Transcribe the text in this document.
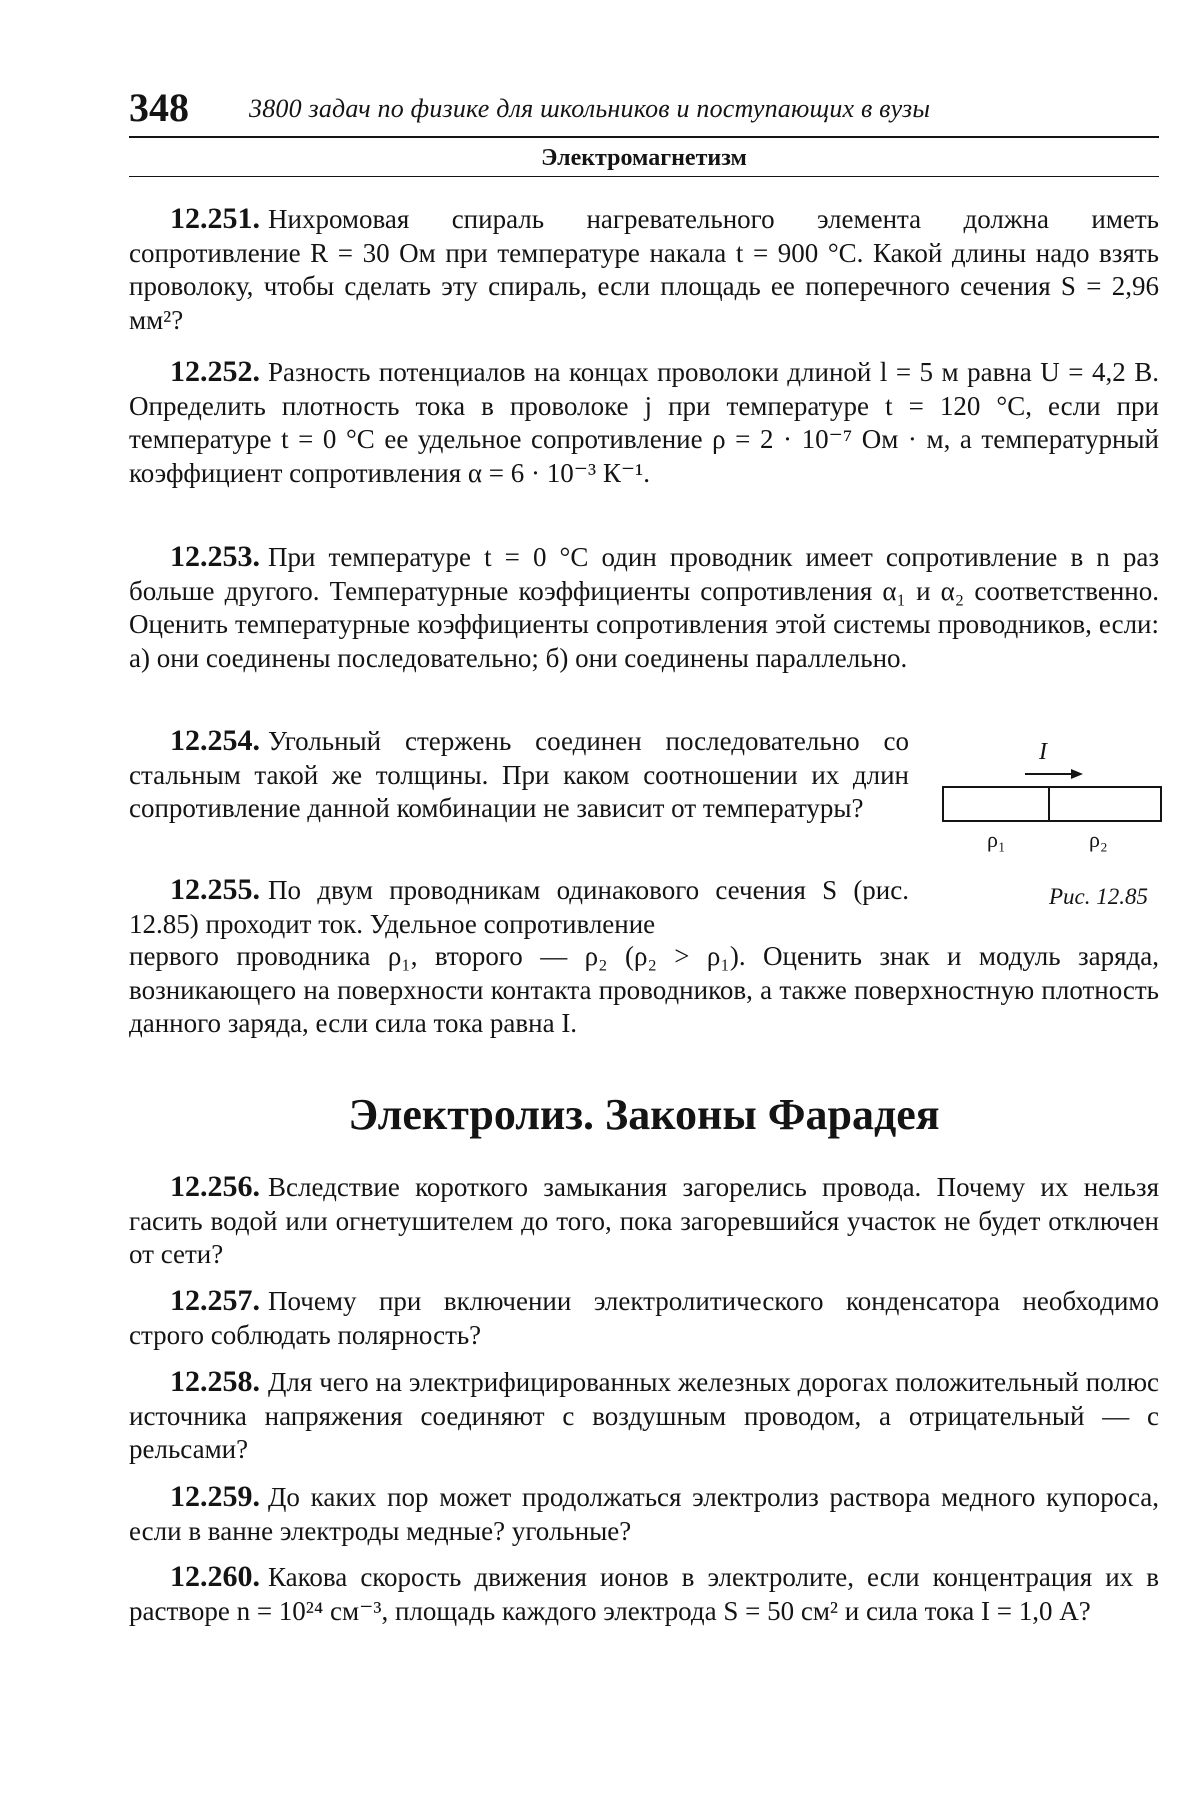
348 3800 задач по физике для школьников и поступающих в вузы
Электромагнетизм
12.251. Нихромовая спираль нагревательного элемента должна иметь сопротивление R = 30 Ом при температуре накала t = 900 °С. Какой длины надо взять проволоку, чтобы сделать эту спираль, если площадь ее поперечного сечения S = 2,96 мм²?
12.252. Разность потенциалов на концах проволоки длиной l = 5 м равна U = 4,2 В. Определить плотность тока в проволоке j при температуре t = 120 °С, если при температуре t = 0 °С ее удельное сопротивление ρ = 2 · 10⁻⁷ Ом · м, а температурный коэффициент сопротивления α = 6 · 10⁻³ К⁻¹.
12.253. При температуре t = 0 °С один проводник имеет сопротивление в n раз больше другого. Температурные коэффициенты сопротивления α₁ и α₂ соответственно. Оценить температурные коэффициенты сопротивления этой системы проводников, если: а) они соединены последовательно; б) они соединены параллельно.
12.254. Угольный стержень соединен последовательно со стальным такой же толщины. При каком соотношении их длин сопротивление данной комбинации не зависит от температуры?
12.255. По двум проводникам одинакового сечения S (рис. 12.85) проходит ток. Удельное сопротивление
первого проводника ρ₁, второго — ρ₂ (ρ₂ > ρ₁). Оценить знак и модуль заряда, возникающего на поверхности контакта проводников, а также поверхностную плотность данного заряда, если сила тока равна I.
I
ρ₁	ρ₂
Рис. 12.85
Электролиз. Законы Фарадея
12.256. Вследствие короткого замыкания загорелись провода. Почему их нельзя гасить водой или огнетушителем до того, пока загоревшийся участок не будет отключен от сети?
12.257. Почему при включении электролитического конденсатора необходимо строго соблюдать полярность?
12.258. Для чего на электрифицированных железных дорогах положительный полюс источника напряжения соединяют с воздушным проводом, а отрицательный — с рельсами?
12.259. До каких пор может продолжаться электролиз раствора медного купороса, если в ванне электроды медные? угольные?
12.260. Какова скорость движения ионов в электролите, если концентрация их в растворе n = 10²⁴ см⁻³, площадь каждого электрода S = 50 см² и сила тока I = 1,0 А?
